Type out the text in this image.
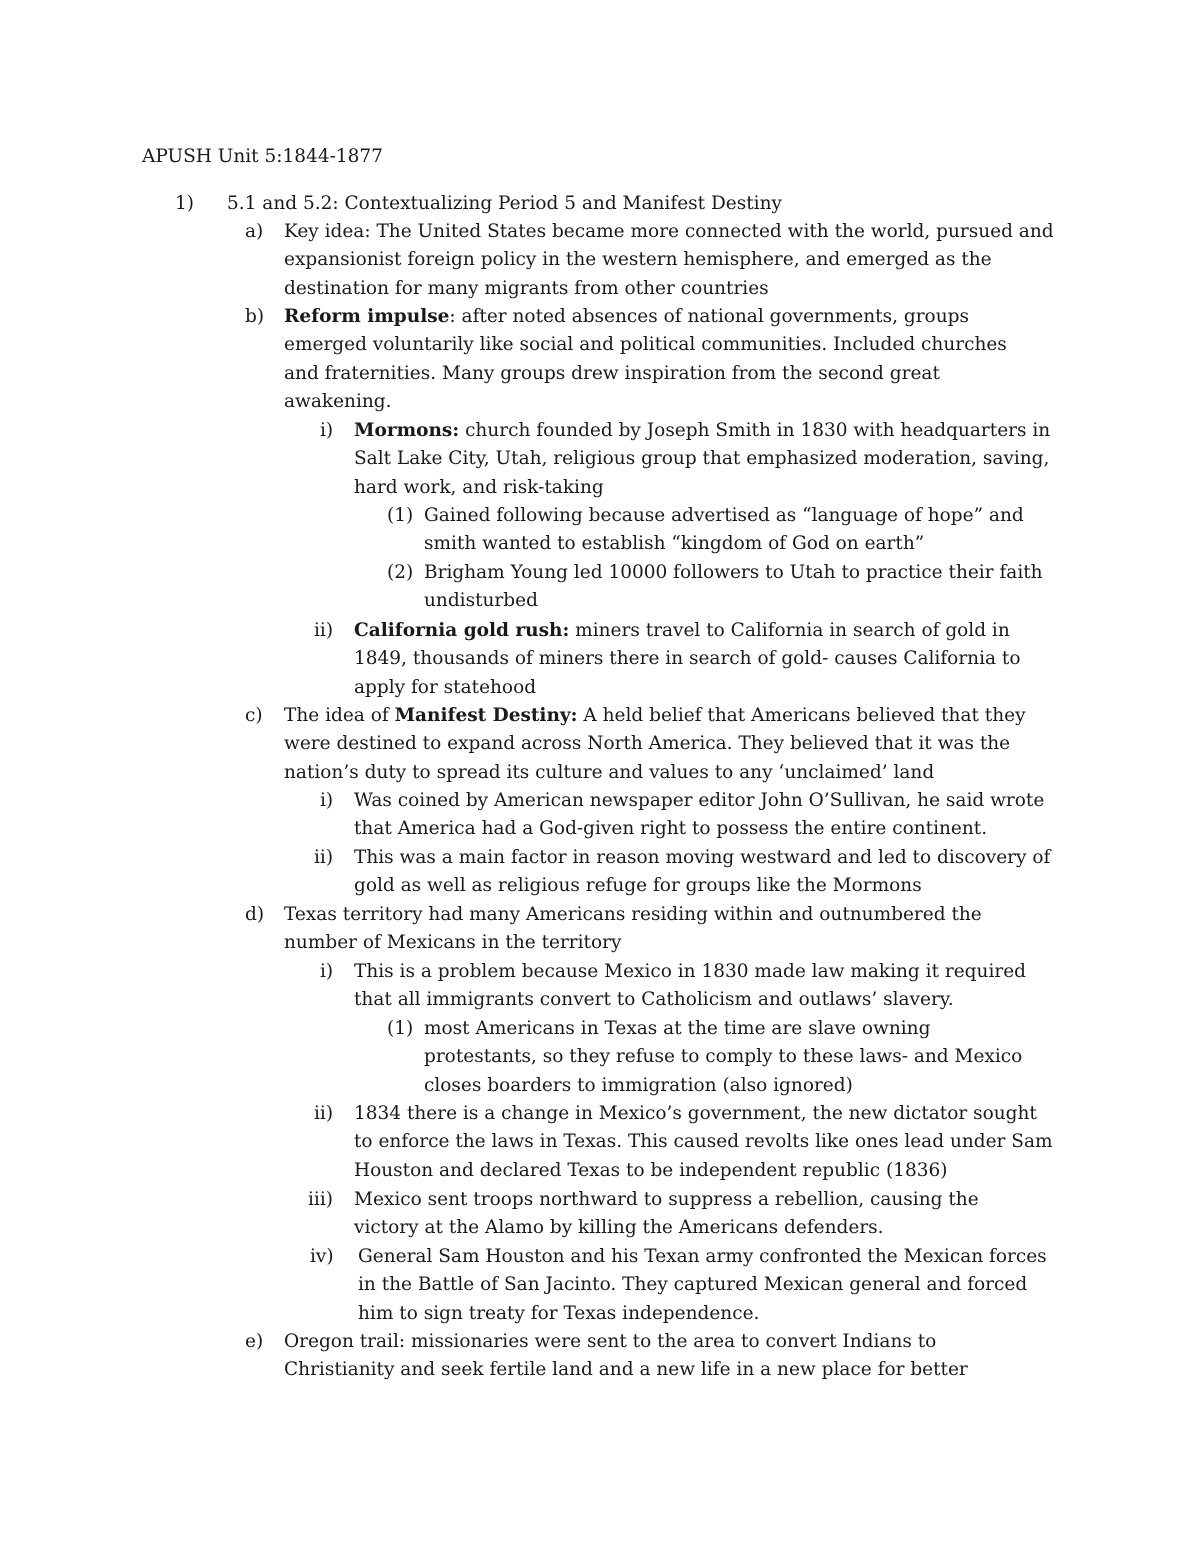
APUSH Unit 5:1844-1877
1) 5.1 and 5.2: Contextualizing Period 5 and Manifest Destiny
a) Key idea: The United States became more connected with the world, pursued and expansionist foreign policy in the western hemisphere, and emerged as the destination for many migrants from other countries
b) Reform impulse: after noted absences of national governments, groups emerged voluntarily like social and political communities. Included churches and fraternities. Many groups drew inspiration from the second great awakening.
i) Mormons: church founded by Joseph Smith in 1830 with headquarters in Salt Lake City, Utah, religious group that emphasized moderation, saving, hard work, and risk-taking
(1) Gained following because advertised as “language of hope” and smith wanted to establish “kingdom of God on earth”
(2) Brigham Young led 10000 followers to Utah to practice their faith undisturbed
ii) California gold rush: miners travel to California in search of gold in 1849, thousands of miners there in search of gold- causes California to apply for statehood
c) The idea of Manifest Destiny: A held belief that Americans believed that they were destined to expand across North America. They believed that it was the nation’s duty to spread its culture and values to any ‘unclaimed’ land
i) Was coined by American newspaper editor John O’Sullivan, he said wrote that America had a God-given right to possess the entire continent.
ii) This was a main factor in reason moving westward and led to discovery of gold as well as religious refuge for groups like the Mormons
d) Texas territory had many Americans residing within and outnumbered the number of Mexicans in the territory
i) This is a problem because Mexico in 1830 made law making it required that all immigrants convert to Catholicism and outlaws’ slavery.
(1) most Americans in Texas at the time are slave owning protestants, so they refuse to comply to these laws- and Mexico closes boarders to immigration (also ignored)
ii) 1834 there is a change in Mexico’s government, the new dictator sought to enforce the laws in Texas. This caused revolts like ones lead under Sam Houston and declared Texas to be independent republic (1836)
iii) Mexico sent troops northward to suppress a rebellion, causing the victory at the Alamo by killing the Americans defenders.
iv) General Sam Houston and his Texan army confronted the Mexican forces in the Battle of San Jacinto. They captured Mexican general and forced him to sign treaty for Texas independence.
e) Oregon trail: missionaries were sent to the area to convert Indians to Christianity and seek fertile land and a new life in a new place for better
